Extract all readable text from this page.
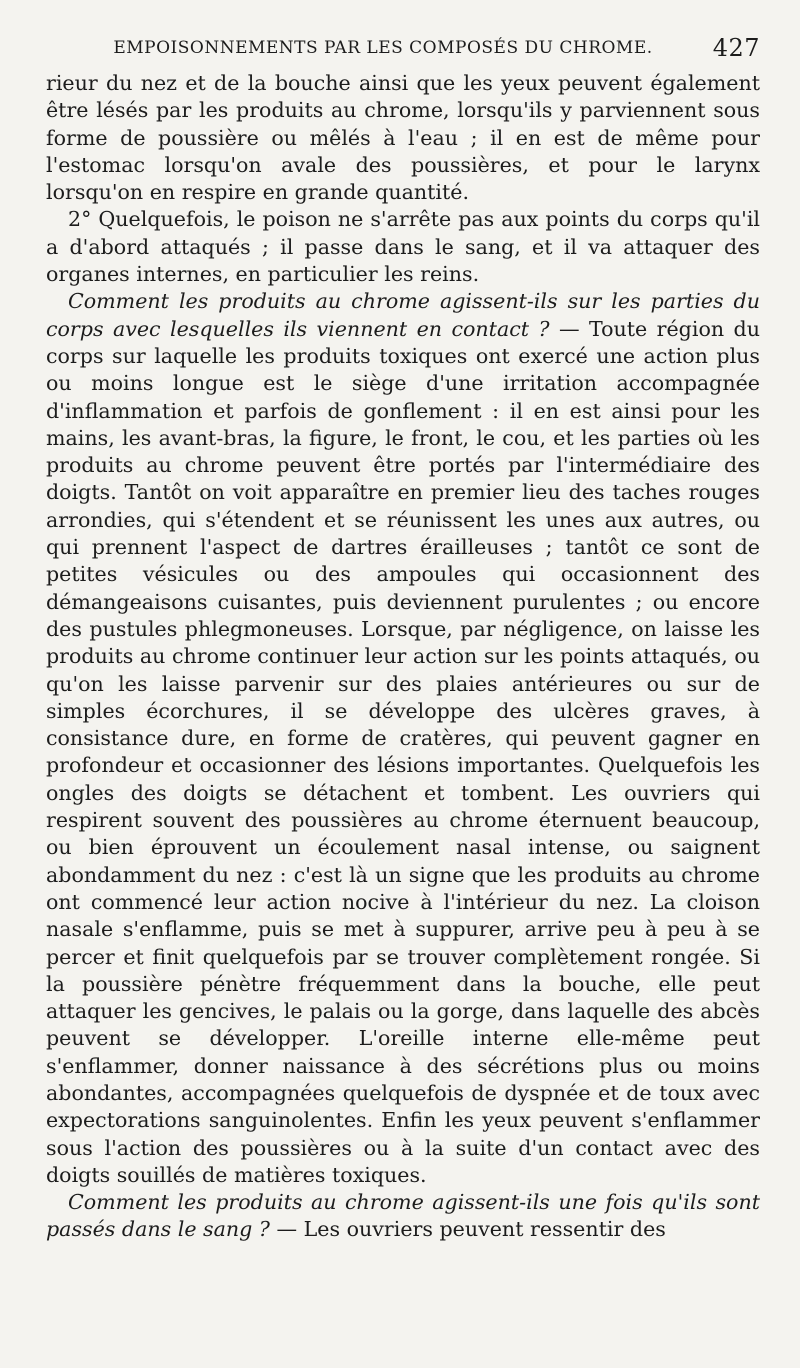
EMPOISONNEMENTS PAR LES COMPOSÉS DU CHROME.	427

rieur du nez et de la bouche ainsi que les yeux peuvent également être lésés par les produits au chrome, lorsqu'ils y parviennent sous forme de poussière ou mêlés à l'eau ; il en est de même pour l'estomac lorsqu'on avale des poussières, et pour le larynx lorsqu'on en respire en grande quantité.

2° Quelquefois, le poison ne s'arrête pas aux points du corps qu'il a d'abord attaqués ; il passe dans le sang, et il va attaquer des organes internes, en particulier les reins.

Comment les produits au chrome agissent-ils sur les parties du corps avec lesquelles ils viennent en contact ? — Toute région du corps sur laquelle les produits toxiques ont exercé une action plus ou moins longue est le siège d'une irritation accompagnée d'inflammation et parfois de gonflement : il en est ainsi pour les mains, les avant-bras, la figure, le front, le cou, et les parties où les produits au chrome peuvent être portés par l'intermédiaire des doigts. Tantôt on voit apparaître en premier lieu des taches rouges arrondies, qui s'étendent et se réunissent les unes aux autres, ou qui prennent l'aspect de dartres érailleuses ; tantôt ce sont de petites vésicules ou des ampoules qui occasionnent des démangeaisons cuisantes, puis deviennent purulentes ; ou encore des pustules phlegmoneuses. Lorsque, par négligence, on laisse les produits au chrome continuer leur action sur les points attaqués, ou qu'on les laisse parvenir sur des plaies antérieures ou sur de simples écorchures, il se développe des ulcères graves, à consistance dure, en forme de cratères, qui peuvent gagner en profondeur et occasionner des lésions importantes. Quelquefois les ongles des doigts se détachent et tombent. Les ouvriers qui respirent souvent des poussières au chrome éternuent beaucoup, ou bien éprouvent un écoulement nasal intense, ou saignent abondamment du nez : c'est là un signe que les produits au chrome ont commencé leur action nocive à l'intérieur du nez. La cloison nasale s'enflamme, puis se met à suppurer, arrive peu à peu à se percer et finit quelquefois par se trouver complètement rongée. Si la poussière pénètre fréquemment dans la bouche, elle peut attaquer les gencives, le palais ou la gorge, dans laquelle des abcès peuvent se développer. L'oreille interne elle-même peut s'enflammer, donner naissance à des sécrétions plus ou moins abondantes, accompagnées quelquefois de dyspnée et de toux avec expectorations sanguinolentes. Enfin les yeux peuvent s'enflammer sous l'action des poussières ou à la suite d'un contact avec des doigts souillés de matières toxiques.

Comment les produits au chrome agissent-ils une fois qu'ils sont passés dans le sang ? — Les ouvriers peuvent ressentir des
